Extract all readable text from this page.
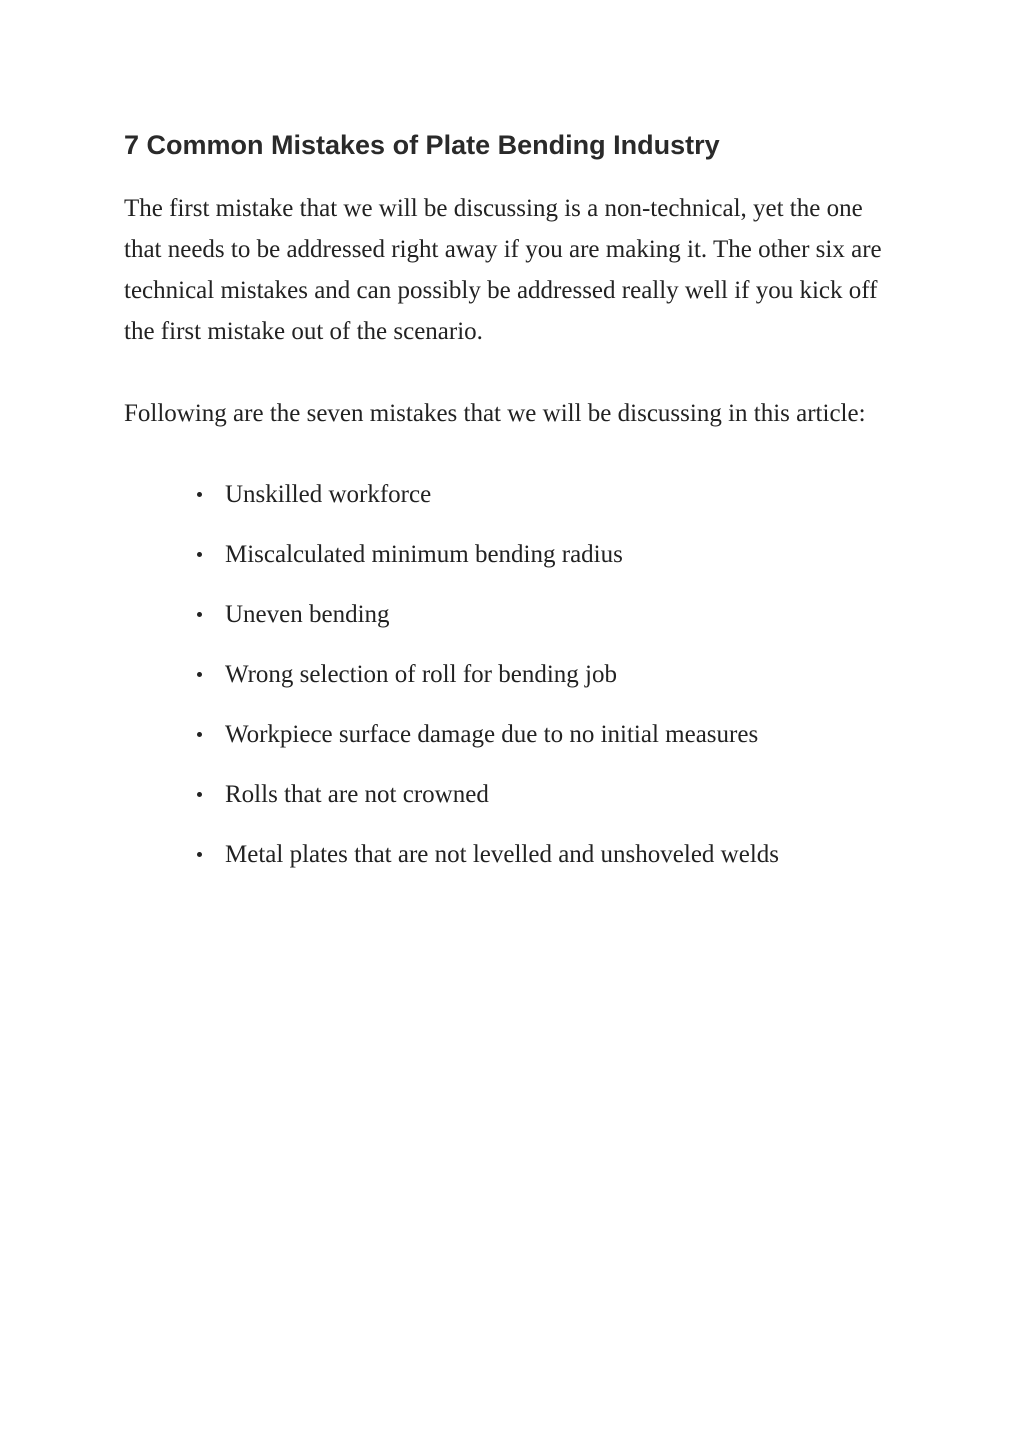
7 Common Mistakes of Plate Bending Industry

The first mistake that we will be discussing is a non-technical, yet the one that needs to be addressed right away if you are making it. The other six are technical mistakes and can possibly be addressed really well if you kick off the first mistake out of the scenario.

Following are the seven mistakes that we will be discussing in this article:

Unskilled workforce
Miscalculated minimum bending radius
Uneven bending
Wrong selection of roll for bending job
Workpiece surface damage due to no initial measures
Rolls that are not crowned
Metal plates that are not levelled and unshoveled welds
